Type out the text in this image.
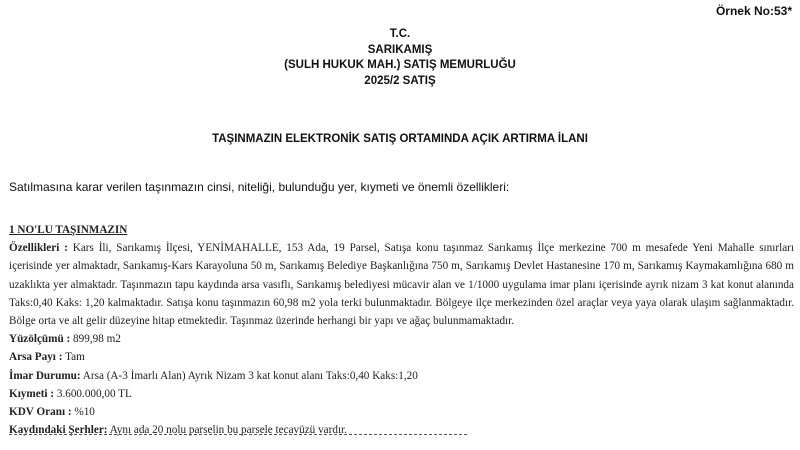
Örnek No:53*
T.C.
SARIKAMIŞ
(SULH HUKUK MAH.) SATIŞ MEMURLUĞU
2025/2 SATIŞ
TAŞINMAZIN ELEKTRONİK SATIŞ ORTAMINDA AÇIK ARTIRMA İLANI
Satılmasına karar verilen taşınmazın cinsi, niteliği, bulunduğu yer, kıymeti ve önemli özellikleri:
1 NO'LU TAŞINMAZIN
Özellikleri : Kars İli, Sarıkamış İlçesi, YENİMAHALLE, 153 Ada, 19 Parsel, Satışa konu taşınmaz Sarıkamış İlçe merkezine 700 m mesafede Yeni Mahalle sınırları içerisinde yer almaktadr, Sarıkamış-Kars Karayoluna 50 m, Sarıkamış Belediye Başkanlığına 750 m, Sarıkamış Devlet Hastanesine 170 m, Sarıkamış Kaymakamlığına 680 m uzaklıkta yer almaktadr. Taşınmazın tapu kaydında arsa vasıflı, Sarıkamış belediyesi mücavir alan ve 1/1000 uygulama imar planı içerisinde ayrık nizam 3 kat konut alanında Taks:0,40 Kaks: 1,20 kalmaktadır. Satışa konu taşınmazın 60,98 m2 yola terki bulunmaktadır. Bölgeye ilçe merkezinden özel araçlar veya yaya olarak ulaşım sağlanmaktadır. Bölge orta ve alt gelir düzeyine hitap etmektedir. Taşınmaz üzerinde herhangi bir yapı ve ağaç bulunmamaktadır.
Yüzölçümü : 899,98 m2
Arsa Payı : Tam
İmar Durumu: Arsa (A-3 İmarlı Alan) Ayrık Nizam 3 kat konut alanı Taks:0,40 Kaks:1,20
Kıymeti : 3.600.000,00 TL
KDV Oranı : %10
Kaydındaki Şerhler: Aynı ada 20 nolu parselin bu parsele tecavüzü vardır.
